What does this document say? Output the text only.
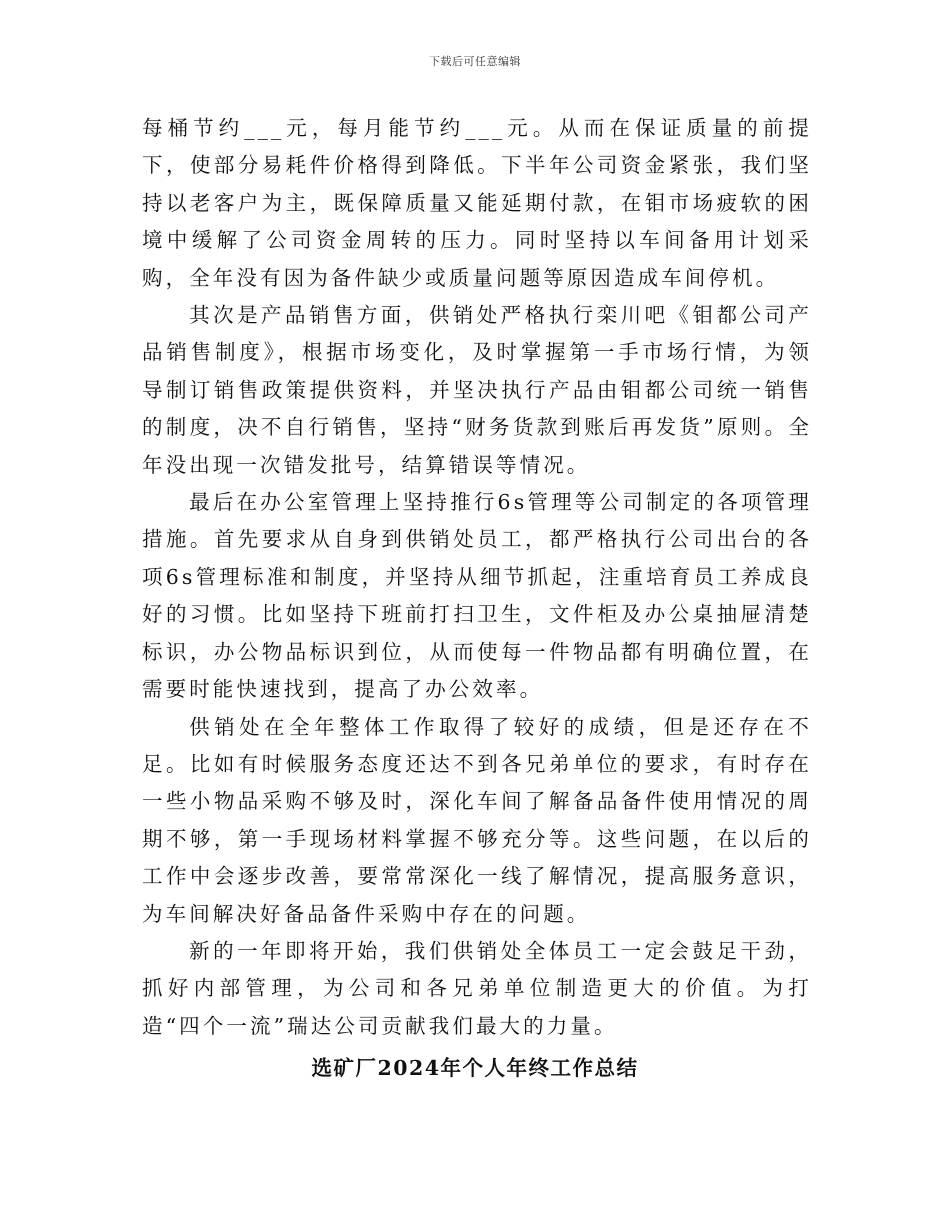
下载后可任意编辑

每桶节约___元，每月能节约___元。从而在保证质量的前提下，使部分易耗件价格得到降低。下半年公司资金紧张，我们坚持以老客户为主，既保障质量又能延期付款，在钼市场疲软的困境中缓解了公司资金周转的压力。同时坚持以车间备用计划采购，全年没有因为备件缺少或质量问题等原因造成车间停机。

其次是产品销售方面，供销处严格执行栾川吧《钼都公司产品销售制度》，根据市场变化，及时掌握第一手市场行情，为领导制订销售政策提供资料，并坚决执行产品由钼都公司统一销售的制度，决不自行销售，坚持“财务货款到账后再发货”原则。全年没出现一次错发批号，结算错误等情况。

最后在办公室管理上坚持推行6s管理等公司制定的各项管理措施。首先要求从自身到供销处员工，都严格执行公司出台的各项6s管理标准和制度，并坚持从细节抓起，注重培育员工养成良好的习惯。比如坚持下班前打扫卫生，文件柜及办公桌抽屉清楚标识，办公物品标识到位，从而使每一件物品都有明确位置，在需要时能快速找到，提高了办公效率。

供销处在全年整体工作取得了较好的成绩，但是还存在不足。比如有时候服务态度还达不到各兄弟单位的要求，有时存在一些小物品采购不够及时，深化车间了解备品备件使用情况的周期不够，第一手现场材料掌握不够充分等。这些问题，在以后的工作中会逐步改善，要常常深化一线了解情况，提高服务意识，为车间解决好备品备件采购中存在的问题。

新的一年即将开始，我们供销处全体员工一定会鼓足干劲，抓好内部管理，为公司和各兄弟单位制造更大的价值。为打造“四个一流”瑞达公司贡献我们最大的力量。

选矿厂2024年个人年终工作总结
